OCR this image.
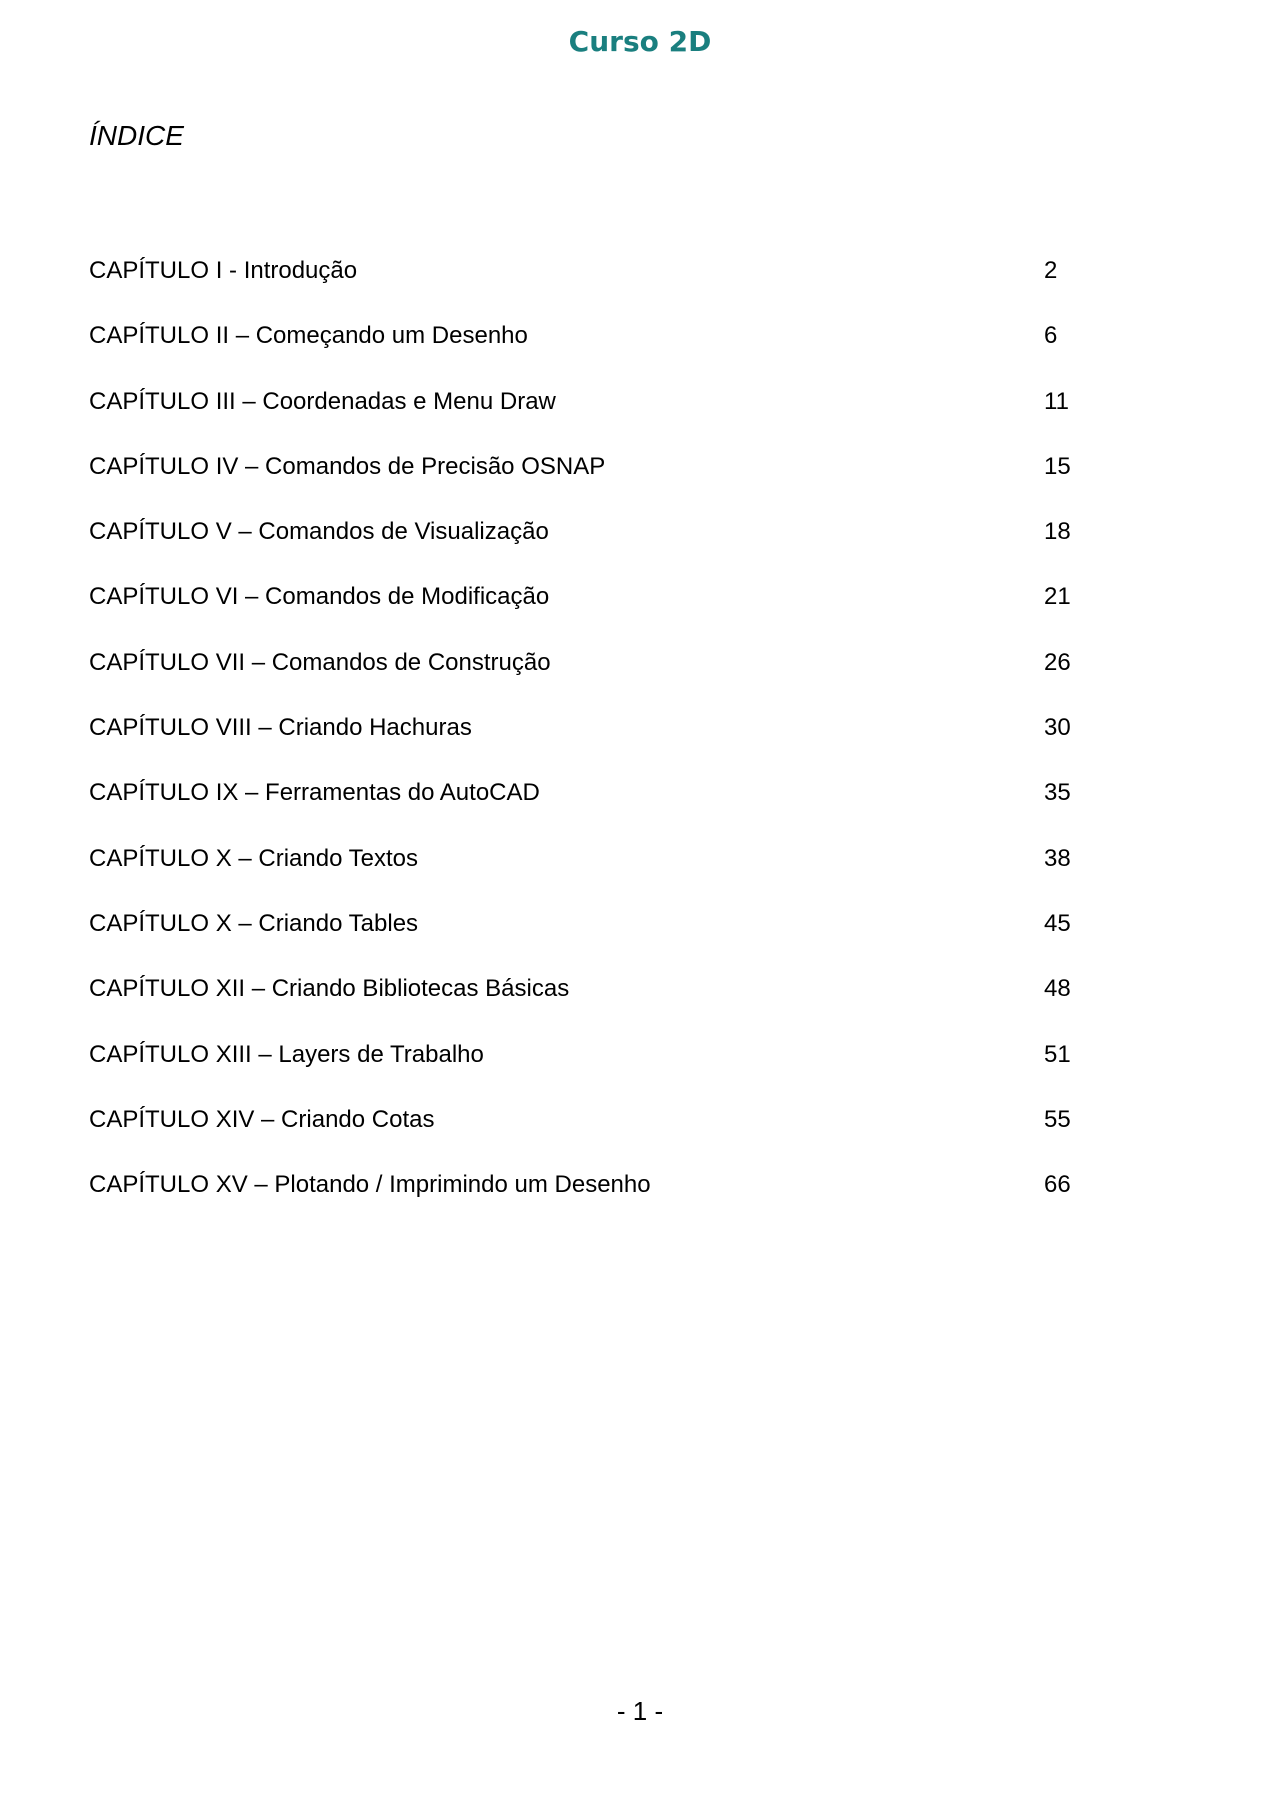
Curso 2D
ÍNDICE
CAPÍTULO I - Introdução	2
CAPÍTULO II – Começando um Desenho	6
CAPÍTULO III – Coordenadas e Menu Draw	11
CAPÍTULO IV – Comandos de Precisão OSNAP	15
CAPÍTULO V – Comandos de Visualização	18
CAPÍTULO VI – Comandos de Modificação	21
CAPÍTULO VII – Comandos de Construção	26
CAPÍTULO VIII – Criando Hachuras	30
CAPÍTULO IX – Ferramentas do AutoCAD	35
CAPÍTULO X – Criando Textos	38
CAPÍTULO X – Criando Tables	45
CAPÍTULO XII – Criando Bibliotecas Básicas	48
CAPÍTULO XIII – Layers de Trabalho	51
CAPÍTULO XIV – Criando Cotas	55
CAPÍTULO XV – Plotando / Imprimindo um Desenho	66
- 1 -
